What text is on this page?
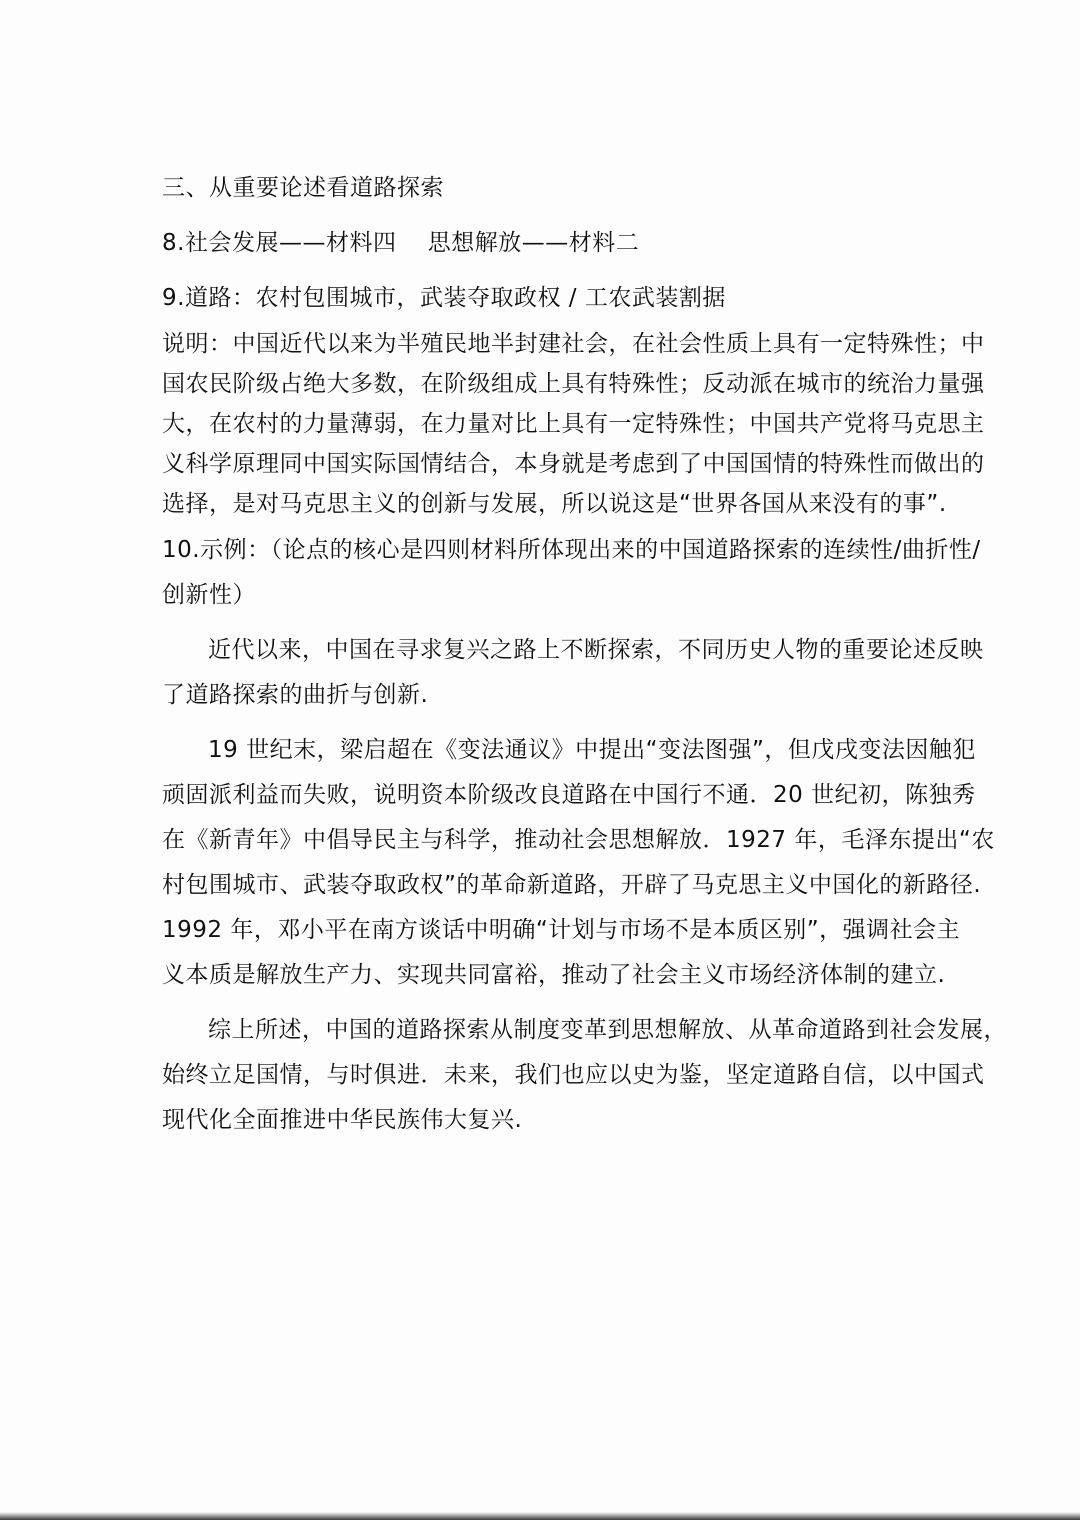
三、从重要论述看道路探索
8.社会发展——材料四　 思想解放——材料二
9.道路：农村包围城市，武装夺取政权 / 工农武装割据
说明：中国近代以来为半殖民地半封建社会，在社会性质上具有一定特殊性；中
国农民阶级占绝大多数，在阶级组成上具有特殊性；反动派在城市的统治力量强
大，在农村的力量薄弱，在力量对比上具有一定特殊性；中国共产党将马克思主
义科学原理同中国实际国情结合，本身就是考虑到了中国国情的特殊性而做出的
选择，是对马克思主义的创新与发展，所以说这是“世界各国从来没有的事”.
10.示例：（论点的核心是四则材料所体现出来的中国道路探索的连续性/曲折性/
创新性）
近代以来，中国在寻求复兴之路上不断探索，不同历史人物的重要论述反映
了道路探索的曲折与创新.
19 世纪末，梁启超在《变法通议》中提出“变法图强”，但戊戌变法因触犯
顽固派利益而失败，说明资本阶级改良道路在中国行不通．20 世纪初，陈独秀
在《新青年》中倡导民主与科学，推动社会思想解放．1927 年，毛泽东提出“农
村包围城市、武装夺取政权”的革命新道路，开辟了马克思主义中国化的新路径.
1992 年，邓小平在南方谈话中明确“计划与市场不是本质区别”，强调社会主
义本质是解放生产力、实现共同富裕，推动了社会主义市场经济体制的建立.
综上所述，中国的道路探索从制度变革到思想解放、从革命道路到社会发展，
始终立足国情，与时俱进．未来，我们也应以史为鉴，坚定道路自信，以中国式
现代化全面推进中华民族伟大复兴.
